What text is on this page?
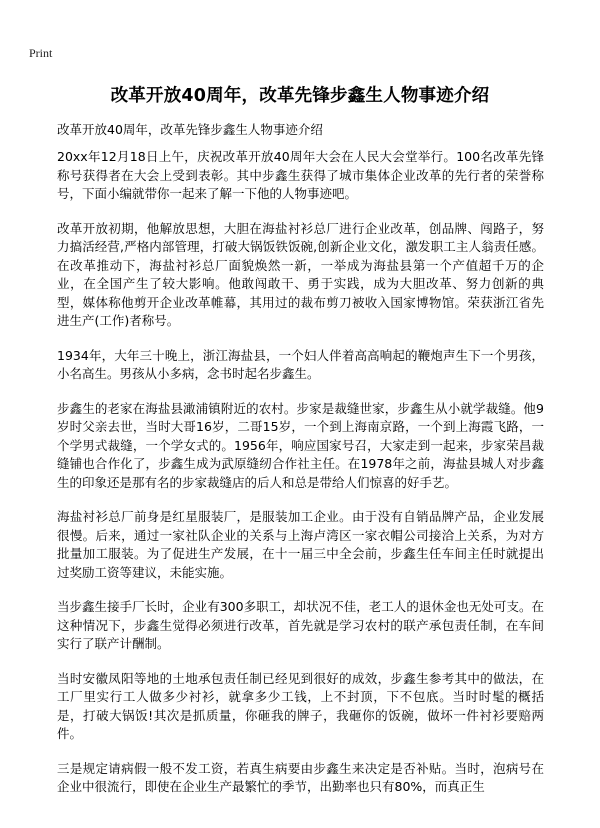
Print
改革开放40周年，改革先锋步鑫生人物事迹介绍

改革开放40周年，改革先锋步鑫生人物事迹介绍

20xx年12月18日上午，庆祝改革开放40周年大会在人民大会堂举行。100名改革先锋称号获得者在大会上受到表彰。其中步鑫生获得了城市集体企业改革的先行者的荣誉称号，下面小编就带你一起来了解一下他的人物事迹吧。

改革开放初期，他解放思想，大胆在海盐衬衫总厂进行企业改革，创品牌、闯路子，努力搞活经营,严格内部管理，打破大锅饭铁饭碗,创新企业文化，激发职工主人翁责任感。在改革推动下，海盐衬衫总厂面貌焕然一新，一举成为海盐县第一个产值超千万的企业，在全国产生了较大影响。他敢闯敢干、勇于实践，成为大胆改革、努力创新的典型，媒体称他剪开企业改革帷幕，其用过的裁布剪刀被收入国家博物馆。荣获浙江省先进生产(工作)者称号。

1934年，大年三十晚上，浙江海盐县，一个妇人伴着高高响起的鞭炮声生下一个男孩，小名高生。男孩从小多病，念书时起名步鑫生。

步鑫生的老家在海盐县澉浦镇附近的农村。步家是裁缝世家，步鑫生从小就学裁缝。他9岁时父亲去世，当时大哥16岁，二哥15岁，一个到上海南京路，一个到上海霞飞路，一个学男式裁缝，一个学女式的。1956年，响应国家号召，大家走到一起来，步家荣昌裁缝铺也合作化了，步鑫生成为武原缝纫合作社主任。在1978年之前，海盐县城人对步鑫生的印象还是那有名的步家裁缝店的后人和总是带给人们惊喜的好手艺。

海盐衬衫总厂前身是红星服装厂，是服装加工企业。由于没有自销品牌产品，企业发展很慢。后来，通过一家社队企业的关系与上海卢湾区一家衣帽公司接洽上关系，为对方批量加工服装。为了促进生产发展，在十一届三中全会前，步鑫生任车间主任时就提出过奖励工资等建议，未能实施。

当步鑫生接手厂长时，企业有300多职工，却状况不佳，老工人的退休金也无处可支。在这种情况下，步鑫生觉得必须进行改革，首先就是学习农村的联产承包责任制，在车间实行了联产计酬制。

当时安徽凤阳等地的土地承包责任制已经见到很好的成效，步鑫生参考其中的做法，在工厂里实行工人做多少衬衫，就拿多少工钱，上不封顶，下不包底。当时时髦的概括是，打破大锅饭!其次是抓质量，你砸我的牌子，我砸你的饭碗，做坏一件衬衫要赔两件。

三是规定请病假一般不发工资，若真生病要由步鑫生来决定是否补贴。当时，泡病号在企业中很流行，即使在企业生产最繁忙的季节，出勤率也只有80%，而真正生
